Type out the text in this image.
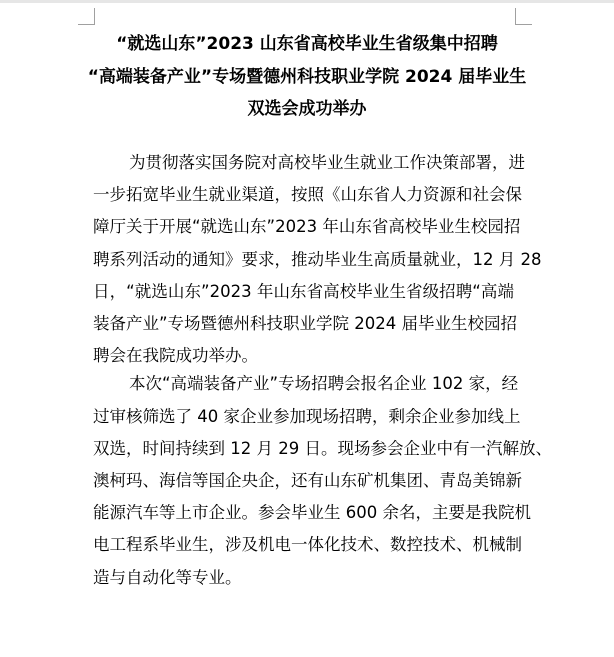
“就选山东”2023 山东省高校毕业生省级集中招聘
“高端装备产业”专场暨德州科技职业学院 2024 届毕业生
双选会成功举办
为贯彻落实国务院对高校毕业生就业工作决策部署，进
一步拓宽毕业生就业渠道，按照《山东省人力资源和社会保
障厅关于开展“就选山东”2023 年山东省高校毕业生校园招
聘系列活动的通知》要求，推动毕业生高质量就业，12 月 28
日，“就选山东”2023 年山东省高校毕业生省级招聘“高端
装备产业”专场暨德州科技职业学院 2024 届毕业生校园招
聘会在我院成功举办。
本次“高端装备产业”专场招聘会报名企业 102 家，经
过审核筛选了 40 家企业参加现场招聘，剩余企业参加线上
双选，时间持续到 12 月 29 日。现场参会企业中有一汽解放、
澳柯玛、海信等国企央企，还有山东矿机集团、青岛美锦新
能源汽车等上市企业。参会毕业生 600 余名，主要是我院机
电工程系毕业生，涉及机电一体化技术、数控技术、机械制
造与自动化等专业。
